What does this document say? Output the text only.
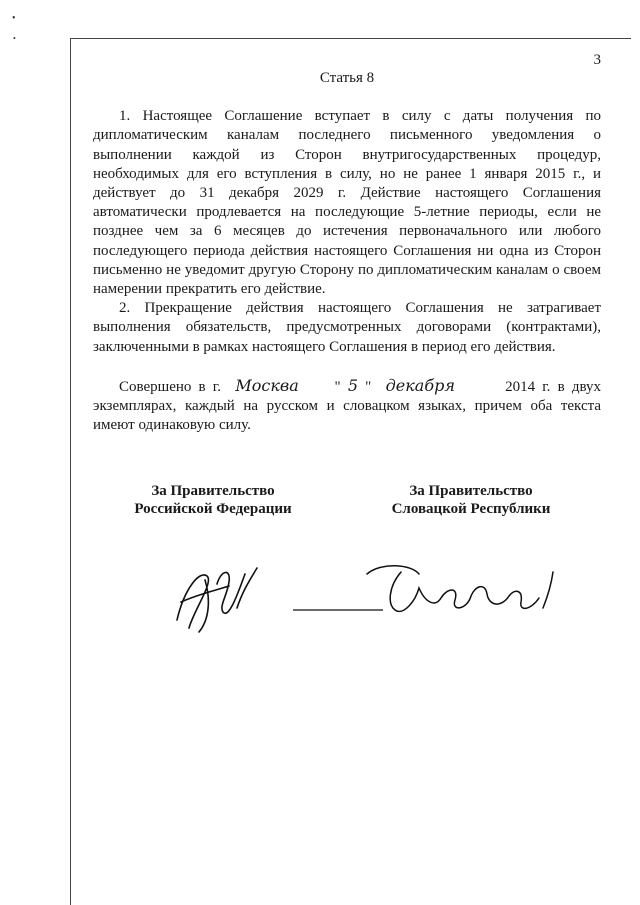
•
•
3
Статья 8

1. Настоящее Соглашение вступает в силу с даты получения по дипломатическим каналам последнего письменного уведомления о выполнении каждой из Сторон внутригосударственных процедур, необходимых для его вступления в силу, но не ранее 1 января 2015 г., и действует до 31 декабря 2029 г. Действие настоящего Соглашения автоматически продлевается на последующие 5-летние периоды, если не позднее чем за 6 месяцев до истечения первоначального или любого последующего периода действия настоящего Соглашения ни одна из Сторон письменно не уведомит другую Сторону по дипломатическим каналам о своем намерении прекратить его действие.

2. Прекращение действия настоящего Соглашения не затрагивает выполнения обязательств, предусмотренных договорами (контрактами), заключенными в рамках настоящего Соглашения в период его действия.

Совершено в г. Москва     " 5 "  декабря	2014 г. в двух экземплярах, каждый на русском и словацком языках, причем оба текста имеют одинаковую силу.

За Правительство
Российской Федерации
За Правительство
Словацкой Республики
